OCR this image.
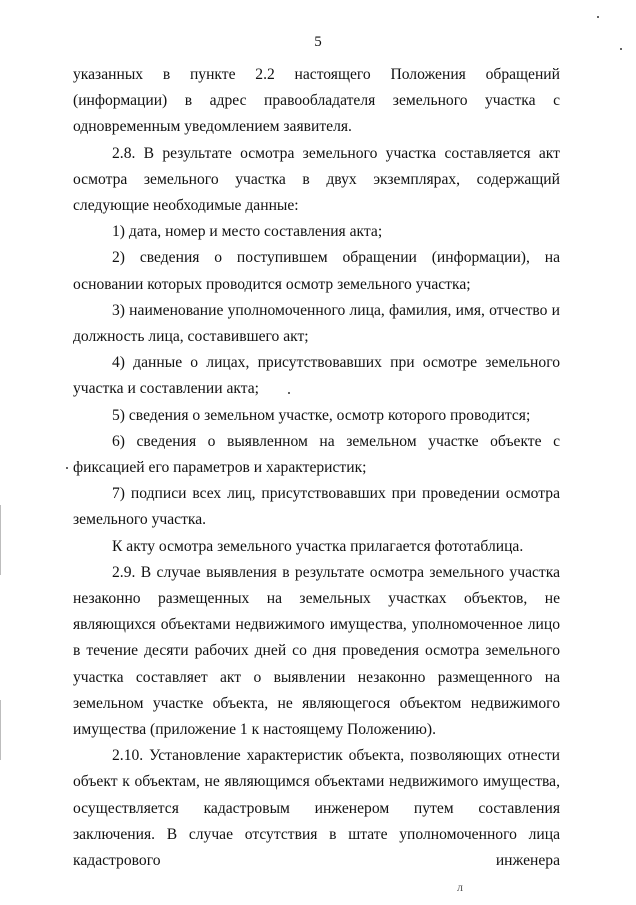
5

указанных в пункте 2.2 настоящего Положения обращений (информации) в адрес правообладателя земельного участка с одновременным уведомлением заявителя.

2.8. В результате осмотра земельного участка составляется акт осмотра земельного участка в двух экземплярах, содержащий следующие необходимые данные:

1) дата, номер и место составления акта;

2) сведения о поступившем обращении (информации), на основании которых проводится осмотр земельного участка;

3) наименование уполномоченного лица, фамилия, имя, отчество и должность лица, составившего акт;

4) данные о лицах, присутствовавших при осмотре земельного участка и составлении акта;

5) сведения о земельном участке, осмотр которого проводится;

6) сведения о выявленном на земельном участке объекте с фиксацией его параметров и характеристик;

7) подписи всех лиц, присутствовавших при проведении осмотра земельного участка.

К акту осмотра земельного участка прилагается фототаблица.

2.9. В случае выявления в результате осмотра земельного участка незаконно размещенных на земельных участках объектов, не являющихся объектами недвижимого имущества, уполномоченное лицо в течение десяти рабочих дней со дня проведения осмотра земельного участка составляет акт о выявлении незаконно размещенного на земельном участке объекта, не являющегося объектом недвижимого имущества (приложение 1 к настоящему Положению).

2.10. Установление характеристик объекта, позволяющих отнести объект к объектам, не являющимся объектами недвижимого имущества, осуществляется кадастровым инженером путем составления заключения. В случае отсутствия в штате уполномоченного лица кадастрового инженера

л
